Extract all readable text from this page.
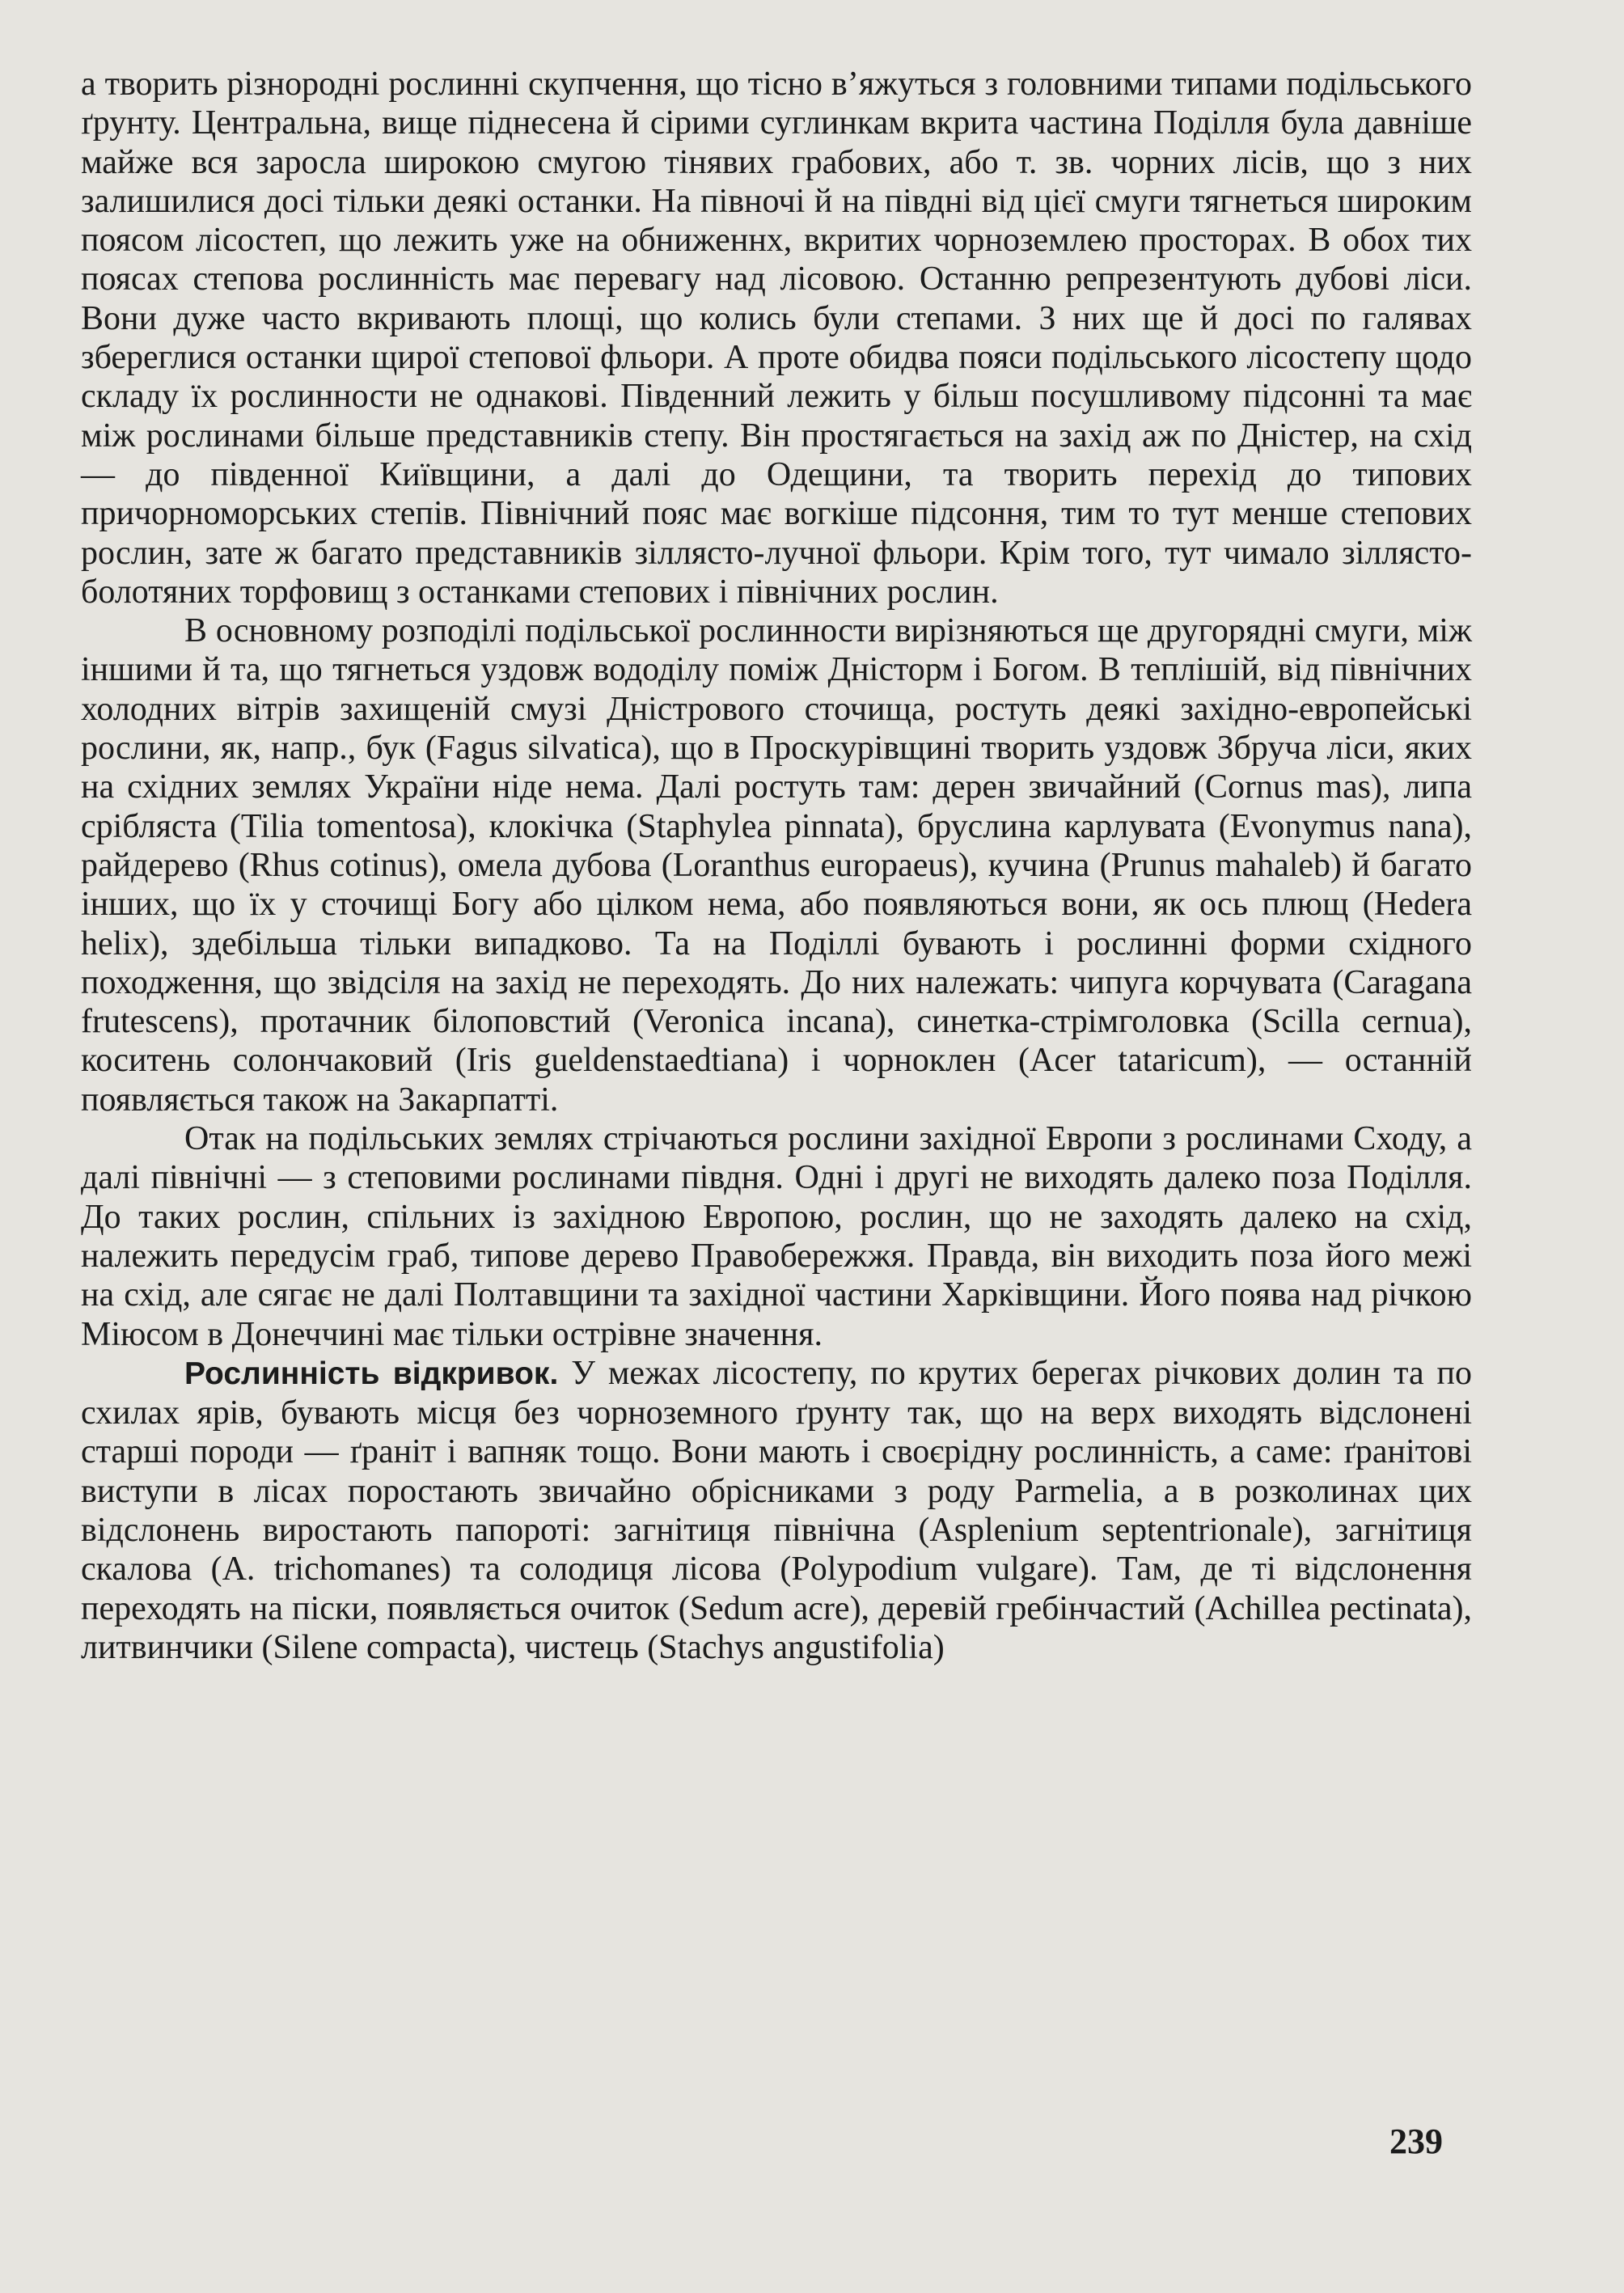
а творить різнородні рослинні скупчення, що тісно в’яжуться з головними типами подільського ґрунту. Центральна, вище піднесена й сірими суглинкам вкрита частина Поділля була давніше майже вся заросла широкою смугою тінявих грабових, або т. зв. чорних лісів, що з них залишилися досі тільки деякі останки. На півночі й на півдні від цієї смуги тягнеться широким поясом лісостеп, що лежить уже на обниженнх, вкритих чорноземлею просторах. В обох тих поясах степова рослинність має перевагу над лісовою. Останню репрезентують дубові ліси. Вони дуже часто вкривають площі, що колись були степами. З них ще й досі по галявах збереглися останки щирої степової фльори. А проте обидва пояси подільського лісостепу щодо складу їх рослинности не однакові. Південний лежить у більш посушливому підсонні та має між рослинами більше представників степу. Він простягається на захід аж по Дністер, на схід — до південної Київщини, а далі до Одещини, та творить перехід до типових причорноморських степів. Північний пояс має вогкіше підсоння, тим то тут менше степових рослин, зате ж багато представників зіллясто-лучної фльори. Крім того, тут чимало зіллясто-болотяних торфовищ з останками степових і північних рослин.

В основному розподілі подільської рослинности вирізняються ще другорядні смуги, між іншими й та, що тягнеться уздовж вододілу поміж Дністорм і Богом. В теплішій, від північних холодних вітрів захищеній смузі Дністрового сточища, ростуть деякі західно-европейські рослини, як, напр., бук (Fagus silvatica), що в Проскурівщині творить уздовж Збруча ліси, яких на східних землях України ніде нема. Далі ростуть там: дерен звичайний (Cornus mas), липа срібляста (Tilia tomentosa), клокічка (Staphylea pinnata), бруслина карлувата (Evonymus nana), райдерево (Rhus cotinus), омела дубова (Loranthus europaeus), кучина (Prunus mahaleb) й багато інших, що їх у сточищі Богу або цілком нема, або появляються вони, як ось плющ (Hedera helix), здебільша тільки випадково. Та на Поділлі бувають і рослинні форми східного походження, що звідсіля на захід не переходять. До них належать: чипуга корчувата (Caragana frutescens), протачник білоповстий (Veronica incana), синетка-стрімголовка (Scilla cernua), коситень солончаковий (Iris gueldenstaedtiana) і чорноклен (Acer tataricum), — останній появляється також на Закарпатті.

Отак на подільських землях стрічаються рослини західної Европи з рослинами Сходу, а далі північні — з степовими рослинами півдня. Одні і другі не виходять далеко поза Поділля. До таких рослин, спільних із західною Европою, рослин, що не заходять далеко на схід, належить передусім граб, типове дерево Правобережжя. Правда, він виходить поза його межі на схід, але сягає не далі Полтавщини та західної частини Харківщини. Його поява над річкою Міюсом в Донеччині має тільки острівне значення.

Рослинність відкривок. У межах лісостепу, по крутих берегах річкових долин та по схилах ярів, бувають місця без чорноземного ґрунту так, що на верх виходять відслонені старші породи — ґраніт і вапняк тощо. Вони мають і своєрідну рослинність, а саме: ґранітові виступи в лісах поростають звичайно обрісниками з роду Parmelia, а в розколинах цих відслонень виростають папороті: загнітиця північна (Asplenium septentrionale), загнітиця скалова (A. trichomanes) та солодиця лісова (Polypodium vulgare). Там, де ті відслонення переходять на піски, появляється очиток (Sedum acre), деревій гребінчастий (Achillea pectinata), литвинчики (Silene compacta), чистець (Stachys angustifolia)

239
